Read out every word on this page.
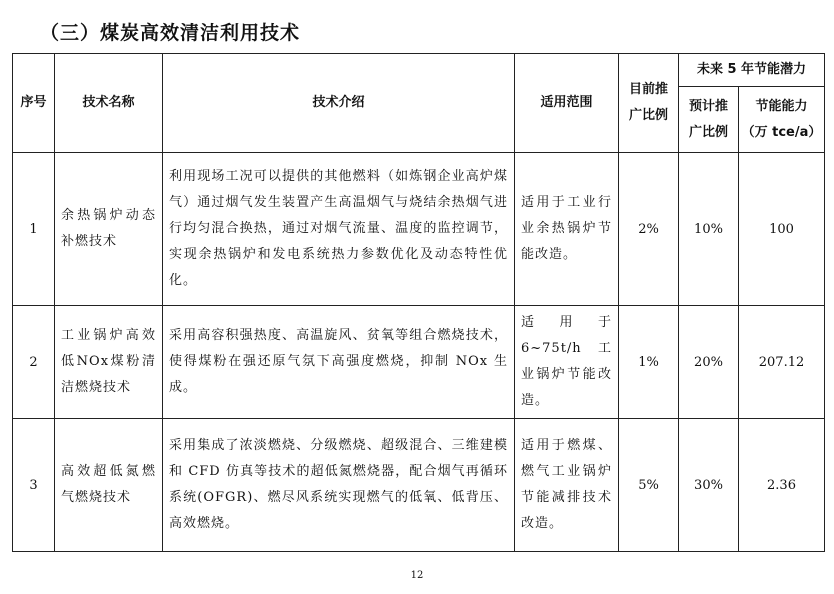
（三）煤炭高效清洁利用技术
序号	技术名称	技术介绍	适用范围	目前推广比例	未来 5 年节能潜力	
					预计推广比例	节能能力
（万 tce/a）

1	余热锅炉动态补燃技术	利用现场工况可以提供的其他燃料（如炼钢企业高炉煤气）通过烟气发生装置产生高温烟气与烧结余热烟气进行均匀混合换热，通过对烟气流量、温度的监控调节，实现余热锅炉和发电系统热力参数优化及动态特性优化。	适用于工业行业余热锅炉节能改造。	2%	10%	100
2	工业锅炉高效低NOx煤粉清洁燃烧技术	采用高容积强热度、高温旋风、贫氧等组合燃烧技术，使得煤粉在强还原气氛下高强度燃烧，抑制 NOx 生成。	适用于 6~75t/h 工业锅炉节能改造。	1%	20%	207.12
3	高效超低氮燃气燃烧技术	采用集成了浓淡燃烧、分级燃烧、超级混合、三维建模和 CFD 仿真等技术的超低氮燃烧器，配合烟气再循环系统(OFGR)、燃尽风系统实现燃气的低氧、低背压、高效燃烧。	适用于燃煤、燃气工业锅炉节能减排技术改造。	5%	30%	2.36
12
